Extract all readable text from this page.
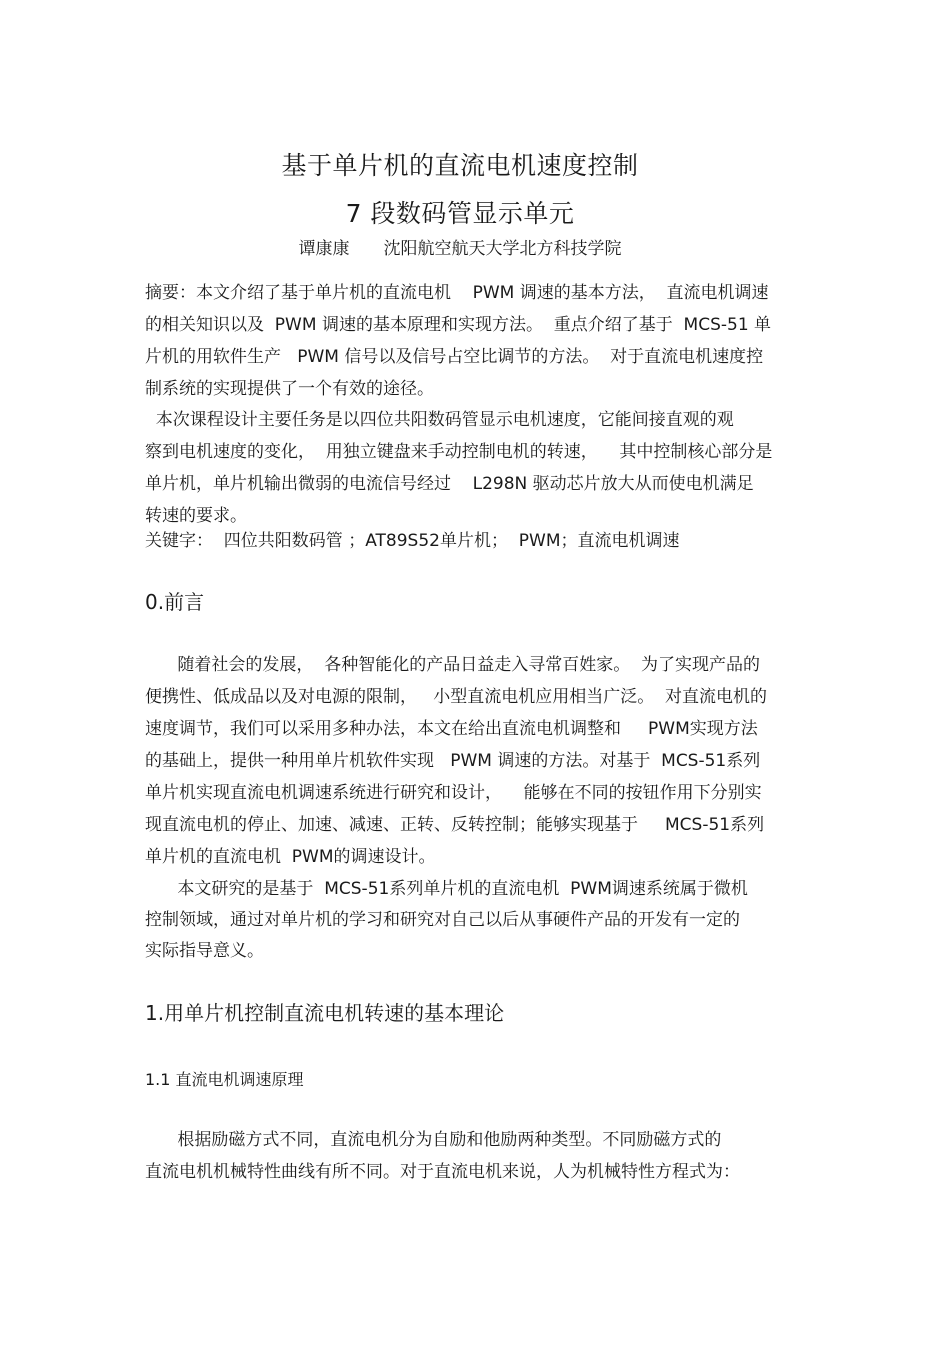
基于单片机的直流电机速度控制
7 段数码管显示单元
谭康康 沈阳航空航天大学北方科技学院
摘要：本文介绍了基于单片机的直流电机    PWM 调速的基本方法，  直流电机调速
的相关知识以及  PWM 调速的基本原理和实现方法。  重点介绍了基于  MCS-51 单
片机的用软件生产   PWM 信号以及信号占空比调节的方法。  对于直流电机速度控
制系统的实现提供了一个有效的途径。
本次课程设计主要任务是以四位共阳数码管显示电机速度，它能间接直观的观
察到电机速度的变化，  用独立键盘来手动控制电机的转速，    其中控制核心部分是
单片机，单片机输出微弱的电流信号经过    L298N 驱动芯片放大从而使电机满足
转速的要求。
关键字：  四位共阳数码管 ；AT89S52单片机；  PWM；直流电机调速
0.前言
随着社会的发展，  各种智能化的产品日益走入寻常百姓家。  为了实现产品的
便携性、低成品以及对电源的限制，   小型直流电机应用相当广泛。  对直流电机的
速度调节，我们可以采用多种办法，本文在给出直流电机调整和     PWM实现方法
的基础上，提供一种用单片机软件实现   PWM 调速的方法。对基于  MCS-51系列
单片机实现直流电机调速系统进行研究和设计，    能够在不同的按钮作用下分别实
现直流电机的停止、加速、减速、正转、反转控制；能够实现基于     MCS-51系列
单片机的直流电机  PWM的调速设计。
本文研究的是基于  MCS-51系列单片机的直流电机  PWM调速系统属于微机
控制领域，通过对单片机的学习和研究对自己以后从事硬件产品的开发有一定的
实际指导意义。
1.用单片机控制直流电机转速的基本理论
1.1 直流电机调速原理
根据励磁方式不同，直流电机分为自励和他励两种类型。不同励磁方式的
直流电机机械特性曲线有所不同。对于直流电机来说，人为机械特性方程式为：
